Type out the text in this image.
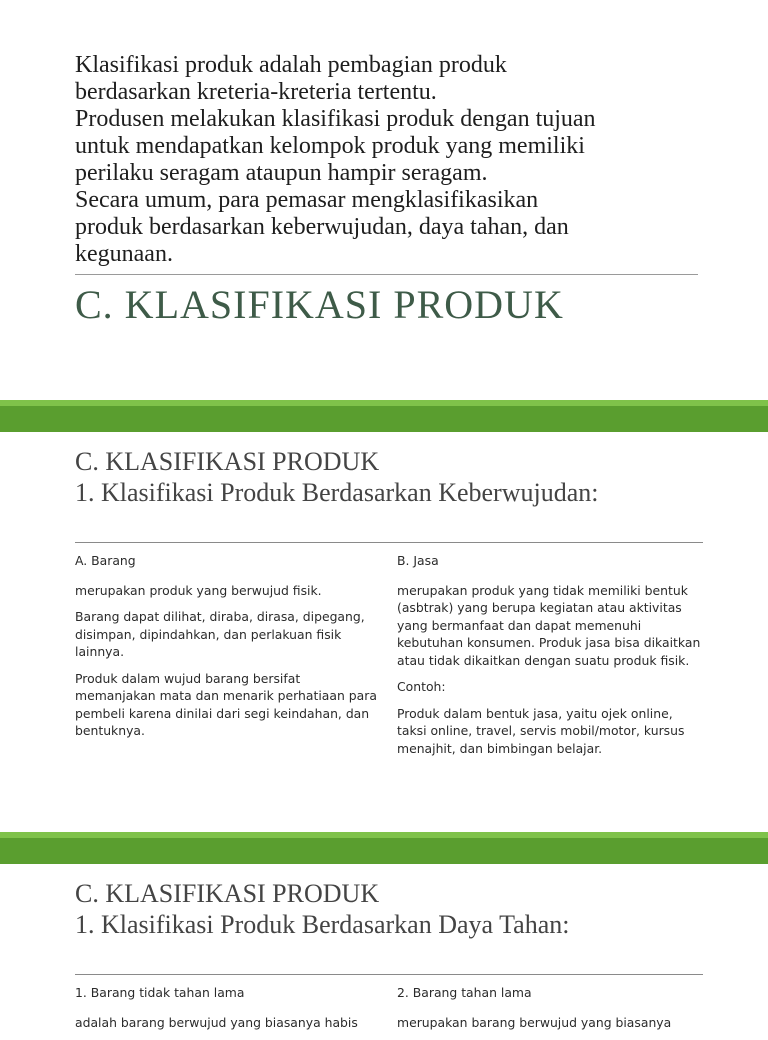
Klasifikasi produk adalah pembagian produk

berdasarkan kreteria-kreteria tertentu.

Produsen melakukan klasifikasi produk dengan tujuan

untuk mendapatkan kelompok produk yang memiliki

perilaku seragam ataupun hampir seragam.

Secara umum, para pemasar mengklasifikasikan

produk berdasarkan keberwujudan, daya tahan, dan

kegunaan.

C. KLASIFIKASI PRODUK
C. KLASIFIKASI PRODUK
1. Klasifikasi Produk Berdasarkan Keberwujudan:

A. Barang

merupakan produk yang berwujud fisik.

Barang dapat dilihat, diraba, dirasa, dipegang, disimpan, dipindahkan, dan perlakuan fisik lainnya.

Produk dalam wujud barang bersifat memanjakan mata dan menarik perhatiaan para pembeli karena dinilai dari segi keindahan, dan bentuknya.

B. Jasa

merupakan produk yang tidak memiliki bentuk (asbtrak) yang berupa kegiatan atau aktivitas yang bermanfaat dan dapat memenuhi kebutuhan konsumen. Produk jasa bisa dikaitkan atau tidak dikaitkan dengan suatu produk fisik.

Contoh:

Produk dalam bentuk jasa, yaitu ojek online, taksi online, travel, servis mobil/motor, kursus menajhit, dan bimbingan belajar.

C. KLASIFIKASI PRODUK
1. Klasifikasi Produk Berdasarkan Daya Tahan:

1. Barang tidak tahan lama

adalah barang berwujud yang biasanya habis

2. Barang tahan lama

merupakan barang berwujud yang biasanya
